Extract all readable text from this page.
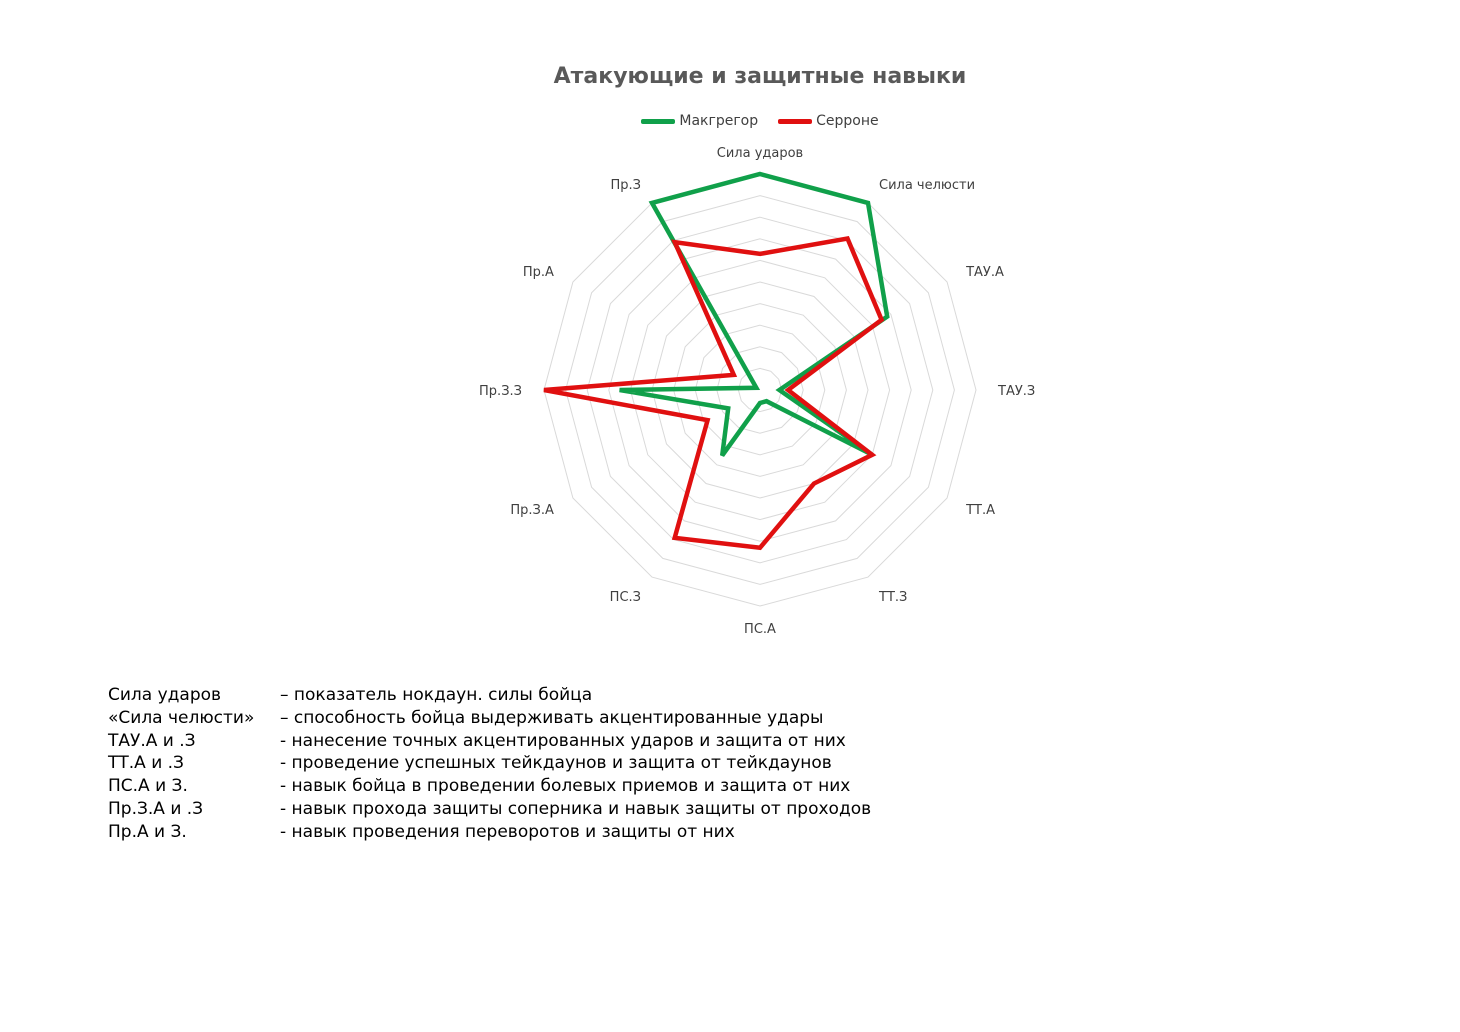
Атакующие и защитные навыки
Макгрегор	Серроне
Сила ударов
Сила челюсти
ТАУ.А
ТАУ.З
ТТ.А
ТТ.З
ПС.А
ПС.З
Пр.З.А
Пр.З.З
Пр.А
Пр.З
Сила ударов	– показатель нокдаун. силы бойца
«Сила челюсти»	– способность бойца выдерживать акцентированные удары
ТАУ.А и .З	- нанесение точных акцентированных ударов и защита от них
ТТ.А и .З	- проведение успешных тейкдаунов и защита от тейкдаунов
ПС.А и З.	- навык бойца в проведении болевых приемов и защита от них
Пр.З.А и .З	- навык прохода защиты соперника и навык защиты от проходов
Пр.А и З.	- навык проведения переворотов и защиты от них
